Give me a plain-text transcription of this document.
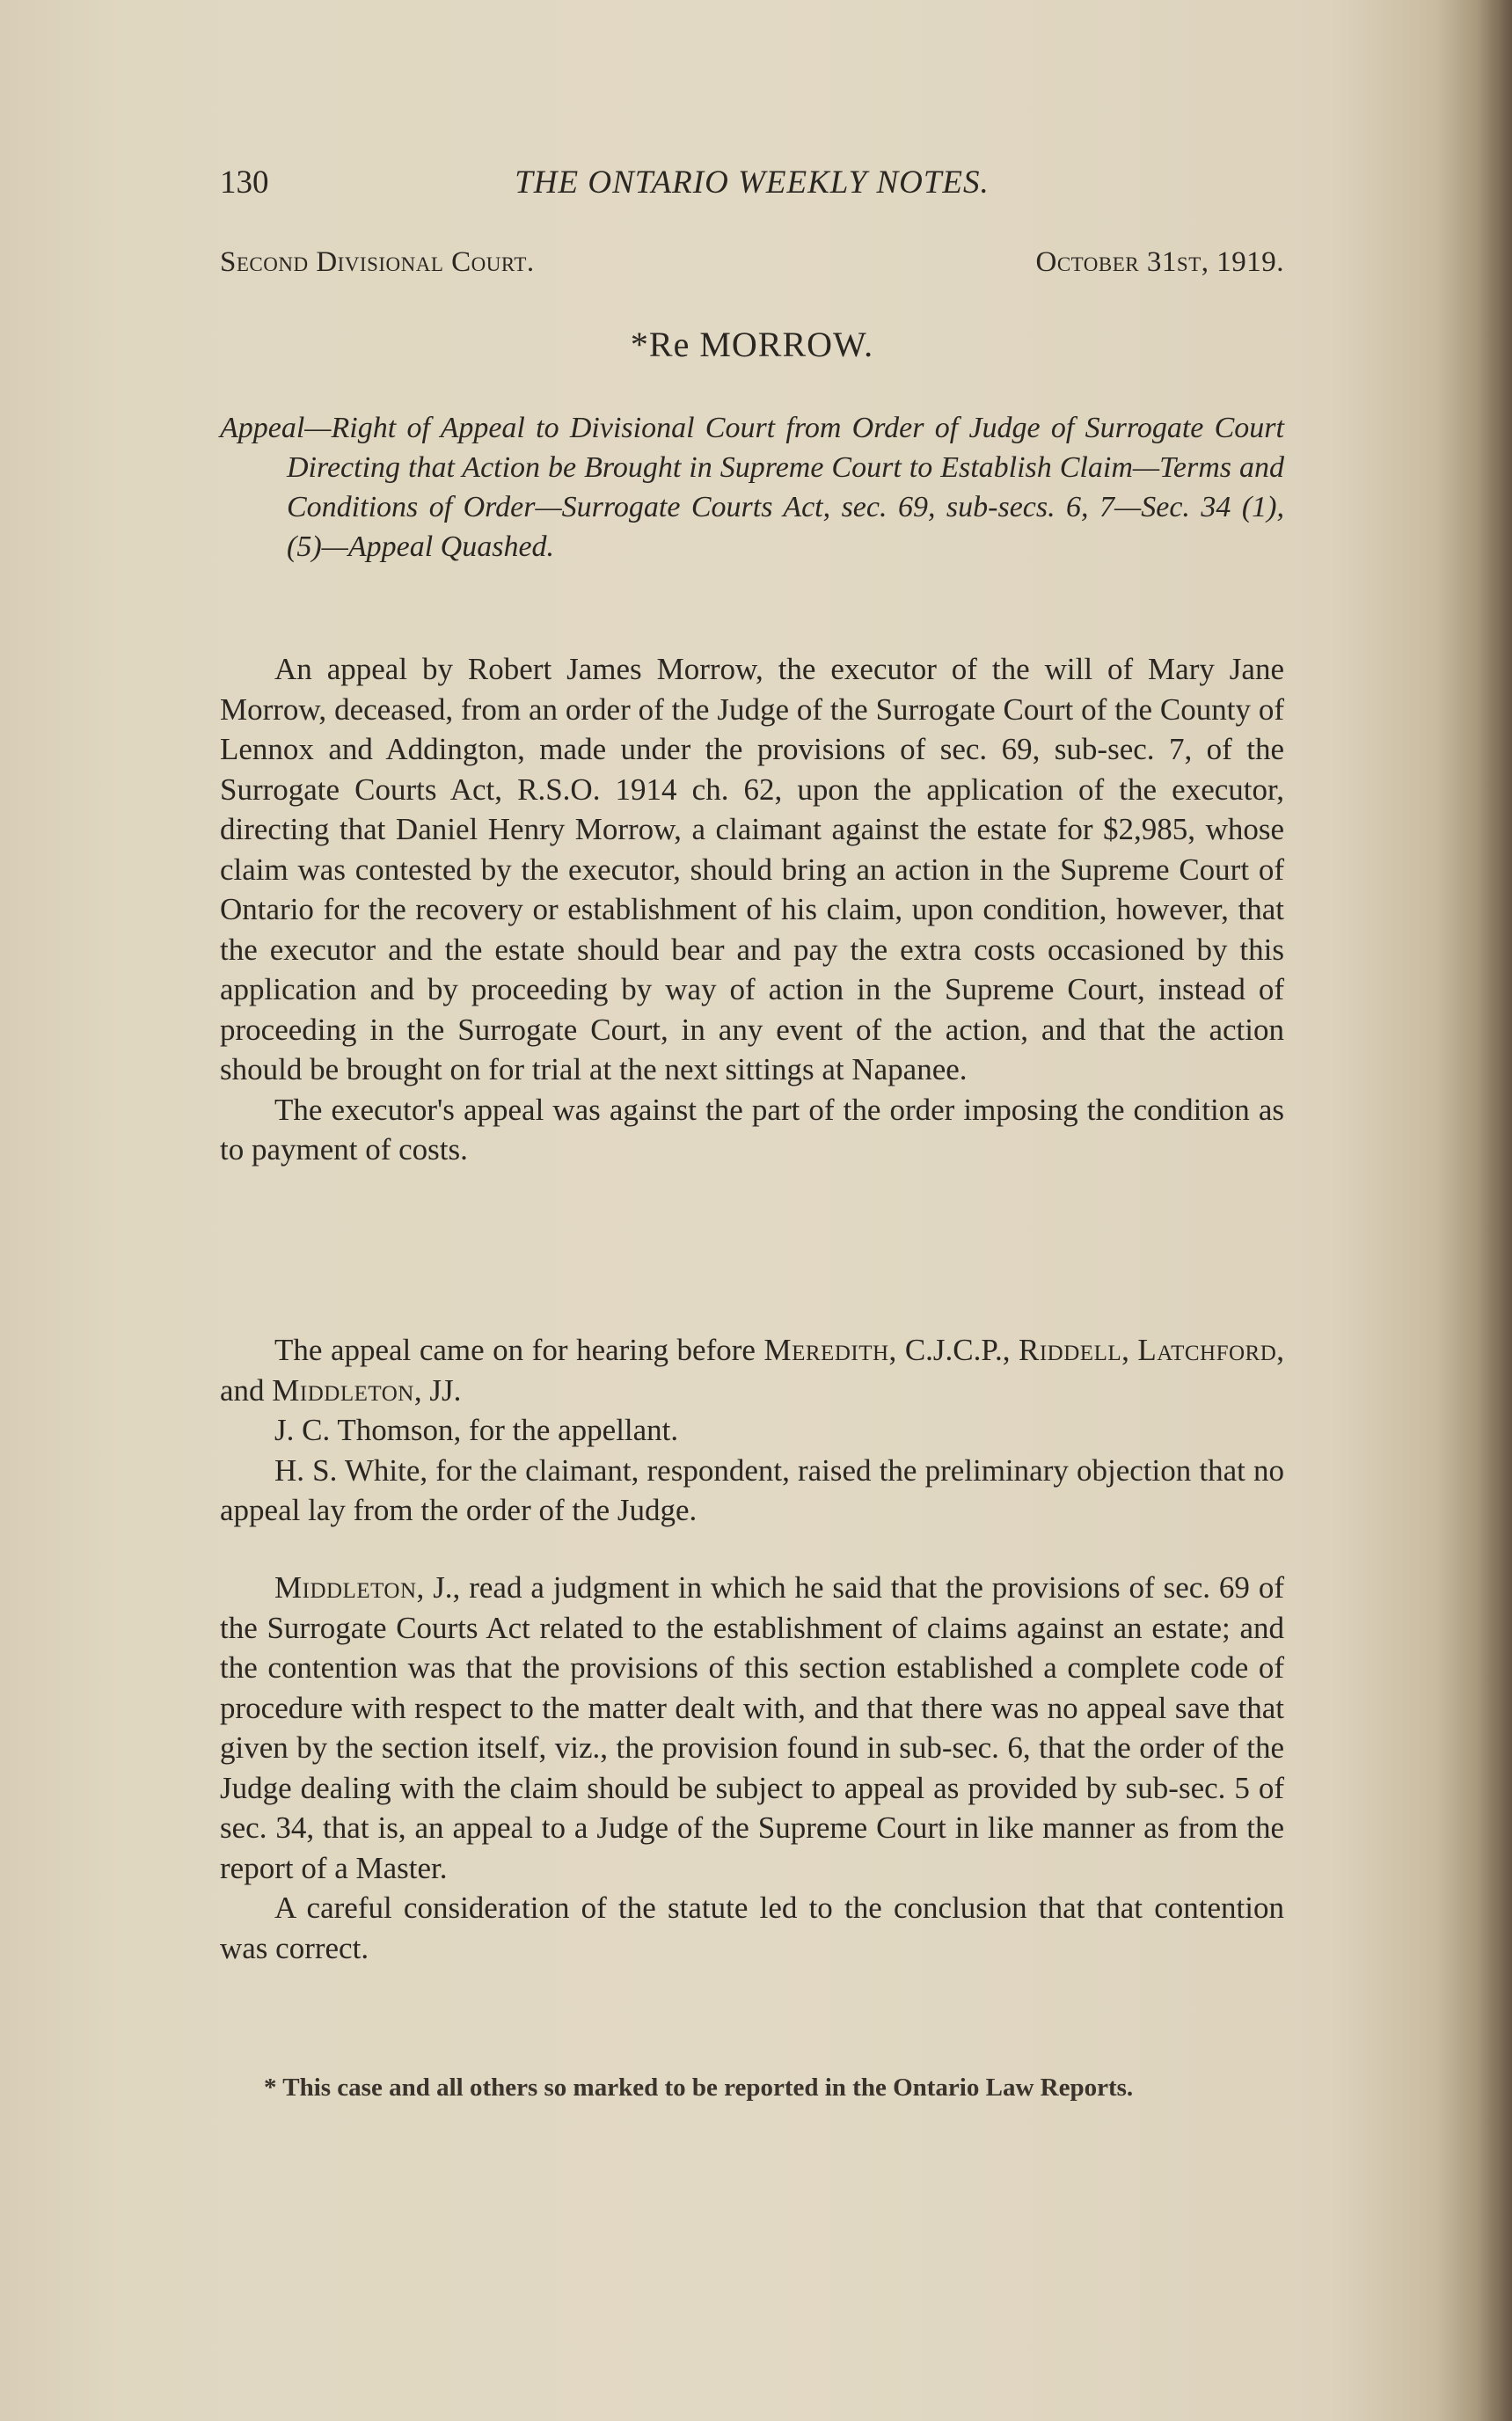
130	THE ONTARIO WEEKLY NOTES.
Second Divisional Court.	October 31st, 1919.
*Re MORROW.
Appeal—Right of Appeal to Divisional Court from Order of Judge of Surrogate Court Directing that Action be Brought in Supreme Court to Establish Claim—Terms and Conditions of Order—Surrogate Courts Act, sec. 69, sub-secs. 6, 7—Sec. 34 (1), (5)—Appeal Quashed.

An appeal by Robert James Morrow, the executor of the will of Mary Jane Morrow, deceased, from an order of the Judge of the Surrogate Court of the County of Lennox and Addington, made under the provisions of sec. 69, sub-sec. 7, of the Surrogate Courts Act, R.S.O. 1914 ch. 62, upon the application of the executor, directing that Daniel Henry Morrow, a claimant against the estate for $2,985, whose claim was contested by the executor, should bring an action in the Supreme Court of Ontario for the recovery or establishment of his claim, upon condition, however, that the executor and the estate should bear and pay the extra costs occasioned by this application and by proceeding by way of action in the Supreme Court, instead of proceeding in the Surrogate Court, in any event of the action, and that the action should be brought on for trial at the next sittings at Napanee.

The executor's appeal was against the part of the order imposing the condition as to payment of costs.

The appeal came on for hearing before Meredith, C.J.C.P., Riddell, Latchford, and Middleton, JJ.

J. C. Thomson, for the appellant.

H. S. White, for the claimant, respondent, raised the preliminary objection that no appeal lay from the order of the Judge.

Middleton, J., read a judgment in which he said that the provisions of sec. 69 of the Surrogate Courts Act related to the establishment of claims against an estate; and the contention was that the provisions of this section established a complete code of procedure with respect to the matter dealt with, and that there was no appeal save that given by the section itself, viz., the provision found in sub-sec. 6, that the order of the Judge dealing with the claim should be subject to appeal as provided by sub-sec. 5 of sec. 34, that is, an appeal to a Judge of the Supreme Court in like manner as from the report of a Master.

A careful consideration of the statute led to the conclusion that that contention was correct.

* This case and all others so marked to be reported in the Ontario Law Reports.
